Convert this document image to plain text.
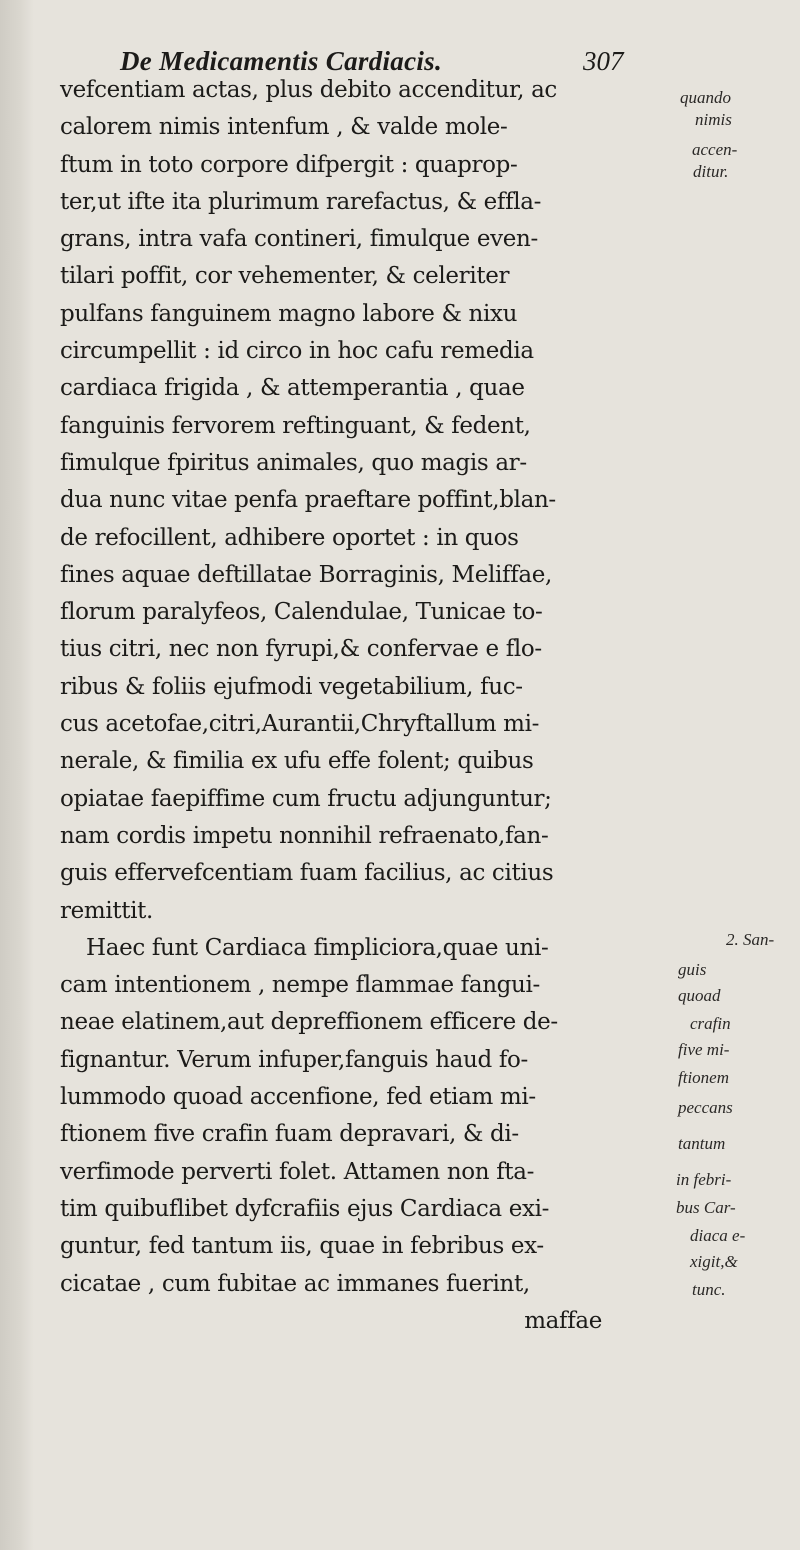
De Medicamentis Cardiacis.	307
vefcentiam actas, plus debito accenditur, ac
calorem nimis intenfum , & valde mole-
ftum in toto corpore difpergit : quaprop-
ter,ut ifte ita plurimum rarefactus, & effla-
grans, intra vafa contineri, fimulque even-
tilari poffit, cor vehementer, & celeriter
pulfans fanguinem magno labore & nixu
circumpellit : id circo in hoc cafu remedia
cardiaca frigida , & attemperantia , quae
fanguinis fervorem reftinguant, & fedent,
fimulque fpiritus animales, quo magis ar-
dua nunc vitae penfa praeftare poffint,blan-
de refocillent, adhibere oportet : in quos
fines aquae deftillatae Borraginis, Meliffae,
florum paralyfeos, Calendulae, Tunicae to-
tius citri, nec non fyrupi,& confervae e flo-
ribus & foliis ejufmodi vegetabilium, fuc-
cus acetofae,citri,Aurantii,Chryftallum mi-
nerale, & fimilia ex ufu effe folent; quibus
opiatae faepiffime cum fructu adjunguntur;
nam cordis impetu nonnihil refraenato,fan-
guis effervefcentiam fuam facilius, ac citius
remittit.
Haec funt Cardiaca fimpliciora,quae uni-
cam intentionem , nempe flammae fangui-
neae elatinem,aut depreffionem efficere de-
fignantur. Verum infuper,fanguis haud fo-
lummodo quoad accenfione, fed etiam mi-
ftionem five crafin fuam depravari, & di-
verfimode perverti folet. Attamen non fta-
tim quibuflibet dyfcrafiis ejus Cardiaca exi-
guntur, fed tantum iis, quae in febribus ex-
cicatae , cum fubitae ac immanes fuerint,
maffae
quando
nimis
accen-
ditur.
2. San-
guis
quoad
crafin
five mi-
ftionem
peccans
tantum
in febri-
bus Car-
diaca e-
xigit,&
tunc.
